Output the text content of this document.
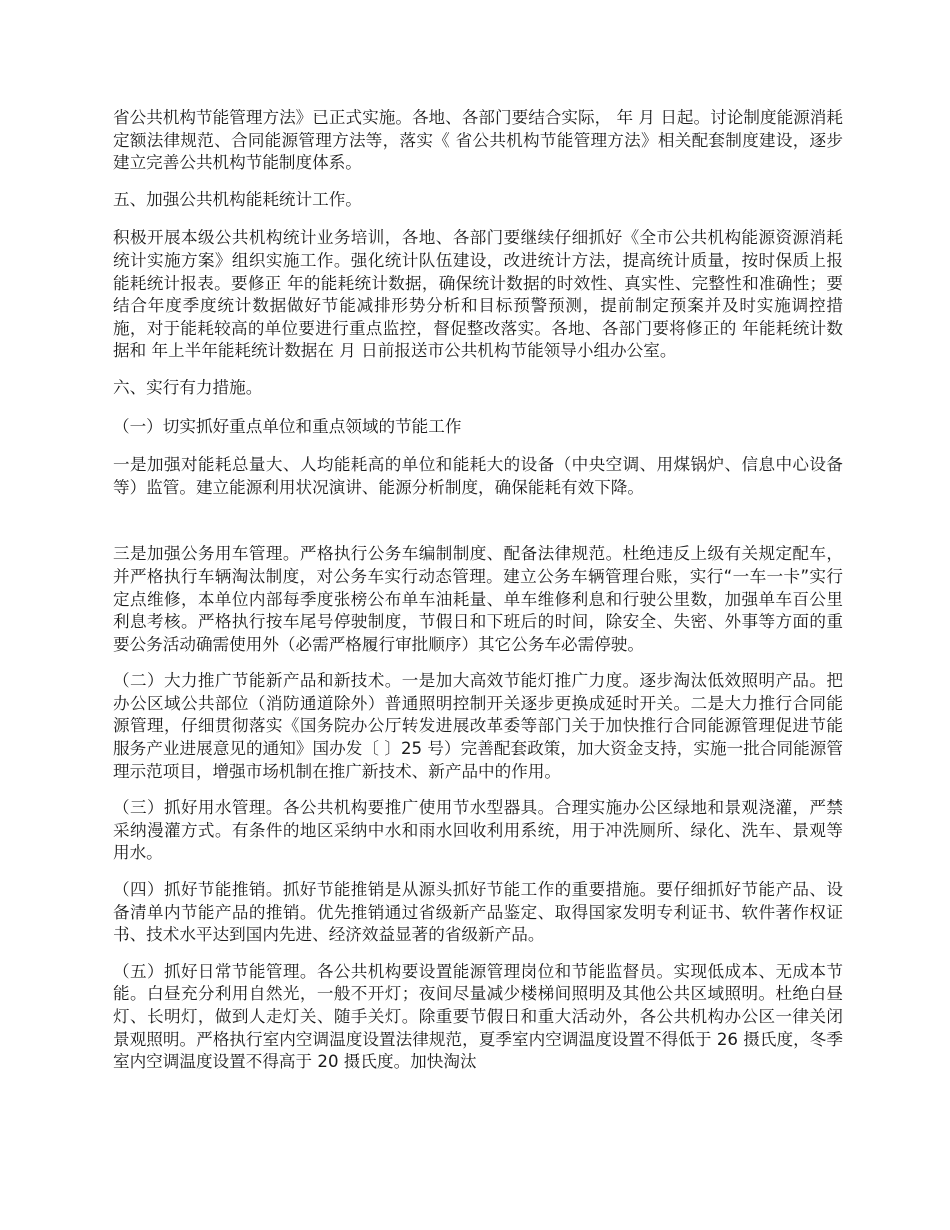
省公共机构节能管理方法》已正式实施。各地、各部门要结合实际， 年 月 日起。讨论制度能源消耗定额法律规范、合同能源管理方法等，落实《 省公共机构节能管理方法》相关配套制度建设，逐步建立完善公共机构节能制度体系。

五、加强公共机构能耗统计工作。

积极开展本级公共机构统计业务培训，各地、各部门要继续仔细抓好《全市公共机构能源资源消耗统计实施方案》组织实施工作。强化统计队伍建设，改进统计方法，提高统计质量，按时保质上报能耗统计报表。要修正 年的能耗统计数据，确保统计数据的时效性、真实性、完整性和准确性；要结合年度季度统计数据做好节能减排形势分析和目标预警预测，提前制定预案并及时实施调控措施，对于能耗较高的单位要进行重点监控，督促整改落实。各地、各部门要将修正的 年能耗统计数据和 年上半年能耗统计数据在 月 日前报送市公共机构节能领导小组办公室。

六、实行有力措施。

（一）切实抓好重点单位和重点领域的节能工作

一是加强对能耗总量大、人均能耗高的单位和能耗大的设备（中央空调、用煤锅炉、信息中心设备等）监管。建立能源利用状况演讲、能源分析制度，确保能耗有效下降。

三是加强公务用车管理。严格执行公务车编制制度、配备法律规范。杜绝违反上级有关规定配车，并严格执行车辆淘汰制度，对公务车实行动态管理。建立公务车辆管理台账，实行“一车一卡”实行定点维修，本单位内部每季度张榜公布单车油耗量、单车维修利息和行驶公里数，加强单车百公里利息考核。严格执行按车尾号停驶制度，节假日和下班后的时间，除安全、失密、外事等方面的重要公务活动确需使用外（必需严格履行审批顺序）其它公务车必需停驶。

（二）大力推广节能新产品和新技术。一是加大高效节能灯推广力度。逐步淘汰低效照明产品。把办公区域公共部位（消防通道除外）普通照明控制开关逐步更换成延时开关。二是大力推行合同能源管理，仔细贯彻落实《国务院办公厅转发进展改革委等部门关于加快推行合同能源管理促进节能服务产业进展意见的通知》国办发〔 〕25 号）完善配套政策，加大资金支持，实施一批合同能源管理示范项目，增强市场机制在推广新技术、新产品中的作用。

（三）抓好用水管理。各公共机构要推广使用节水型器具。合理实施办公区绿地和景观浇灌，严禁采纳漫灌方式。有条件的地区采纳中水和雨水回收利用系统，用于冲洗厕所、绿化、洗车、景观等用水。

（四）抓好节能推销。抓好节能推销是从源头抓好节能工作的重要措施。要仔细抓好节能产品、设备清单内节能产品的推销。优先推销通过省级新产品鉴定、取得国家发明专利证书、软件著作权证书、技术水平达到国内先进、经济效益显著的省级新产品。

（五）抓好日常节能管理。各公共机构要设置能源管理岗位和节能监督员。实现低成本、无成本节能。白昼充分利用自然光，一般不开灯；夜间尽量减少楼梯间照明及其他公共区域照明。杜绝白昼灯、长明灯，做到人走灯关、随手关灯。除重要节假日和重大活动外，各公共机构办公区一律关闭景观照明。严格执行室内空调温度设置法律规范，夏季室内空调温度设置不得低于 26 摄氏度，冬季室内空调温度设置不得高于 20 摄氏度。加快淘汰
